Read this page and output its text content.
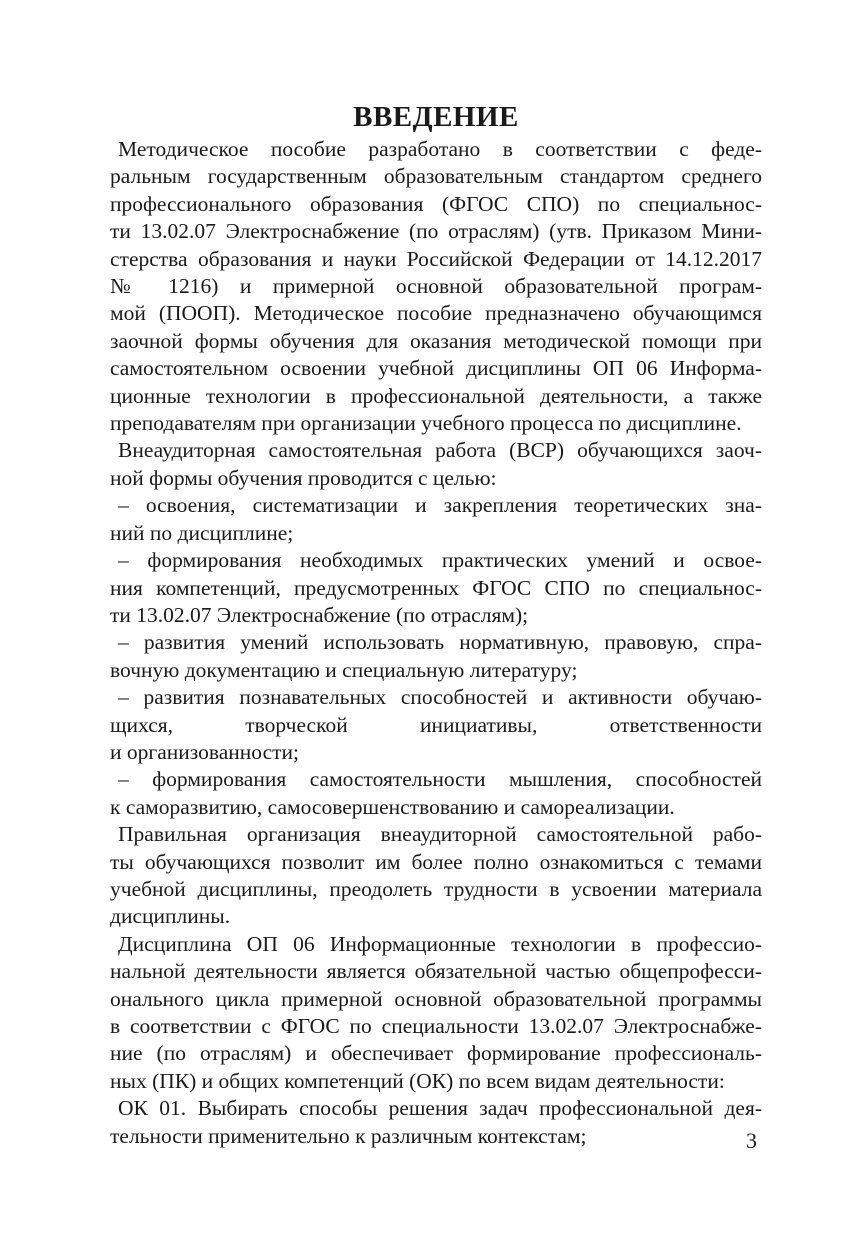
ВВЕДЕНИЕ

Методическое пособие разработано в соответствии с феде-
ральным государственным образовательным стандартом среднего
профессионального образования (ФГОС СПО) по специальнос-
ти 13.02.07 Электроснабжение (по отраслям) (утв. Приказом Мини-
стерства образования и науки Российской Федерации от 14.12.2017
№ 1216) и примерной основной образовательной програм-
мой (ПООП). Методическое пособие предназначено обучающимся
заочной формы обучения для оказания методической помощи при
самостоятельном освоении учебной дисциплины ОП 06 Информа-
ционные технологии в профессиональной деятельности, а также
преподавателям при организации учебного процесса по дисциплине.

Внеаудиторная самостоятельная работа (ВСР) обучающихся заоч-
ной формы обучения проводится с целью:

– освоения, систематизации и закрепления теоретических зна-
ний по дисциплине;

– формирования необходимых практических умений и освое-
ния компетенций, предусмотренных ФГОС СПО по специальнос-
ти 13.02.07 Электроснабжение (по отраслям);

– развития умений использовать нормативную, правовую, спра-
вочную документацию и специальную литературу;

– развития познавательных способностей и активности обучаю-
щихся, творческой инициативы, ответственности
и организованности;

– формирования самостоятельности мышления, способностей
к саморазвитию, самосовершенствованию и самореализации.

Правильная организация внеаудиторной самостоятельной рабо-
ты обучающихся позволит им более полно ознакомиться с темами
учебной дисциплины, преодолеть трудности в усвоении материала
дисциплины.

Дисциплина ОП 06 Информационные технологии в профессио-
нальной деятельности является обязательной частью общепрофесси-
онального цикла примерной основной образовательной программы
в соответствии с ФГОС по специальности 13.02.07 Электроснабже-
ние (по отраслям) и обеспечивает формирование профессиональ-
ных (ПК) и общих компетенций (ОК) по всем видам деятельности:

ОК 01. Выбирать способы решения задач профессиональной дея-
тельности применительно к различным контекстам;	3
